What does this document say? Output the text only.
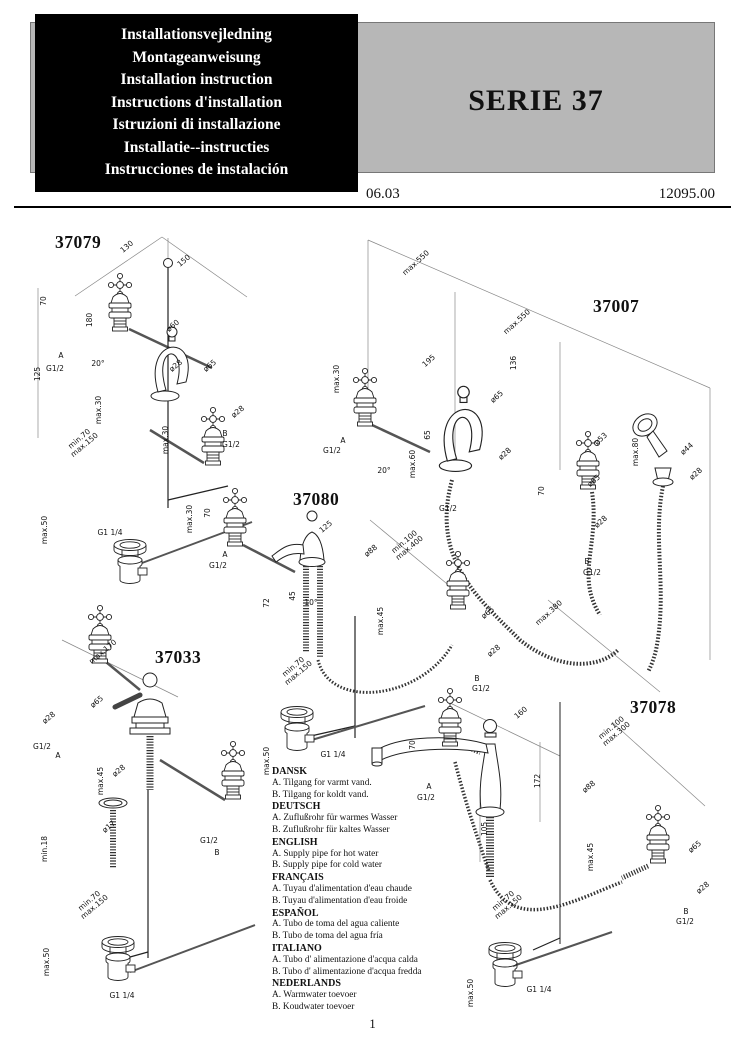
Installationsvejledning
Montageanweisung
Installation instruction
Instructions d'installation
Istruzioni di installazione
Installatie--instructies
Instrucciones de instalación
SERIE 37
06.03	12095.00
37079 130
150
70
180	ø60
20°
A
G1/2
125
ø28 ø65
max.30	ø28
B
G1/2
min.70
max.150	max.30
max.50	G1 1/4
37007
max.550
max.550
195	136
max.30
A
G1/2
65
max.60
20°
ø65
ø28
G1/2
ø53	max.80	ø44
ø28
ø65
70
ø28
B
G1/2
max.380
37080
max.30 70
A
G1/2
125
ø88 min.100
max.400
72
45
10°
max.45
min.70
max.150
ø65
ø28
B
G1/2
max.50	G1 1/4
37033
max.170
ø65
ø28
G1/2
A
max.45 ø28
ø17
min.18	G1/2
B
min.70
max.150
max.50
G1 1/4
37078
160
min.100
max.300
70
A
G1/2
172	ø88
105
max.45	ø65
ø28
B
G1/2
min.70
max.150
max.50	G1 1/4
DANSK
A. Tilgang for varmt vand.
B. Tilgang for koldt vand.
DEUTSCH
A. Zuflußrohr für warmes Wasser
B. Zuflußrohr für kaltes Wasser
ENGLISH
A. Supply pipe for hot water
B. Supply pipe for cold water
FRANÇAIS
A. Tuyau d'alimentation d'eau chaude
B. Tuyau d'alimentation d'eau froide
ESPAÑOL
A. Tubo de toma del agua caliente
B. Tubo de toma del agua fría
ITALIANO
A. Tubo d' alimentazione d'acqua calda
B. Tubo d' alimentazione d'acqua fredda
NEDERLANDS
A. Warmwater toevoer
B. Koudwater toevoer
1
